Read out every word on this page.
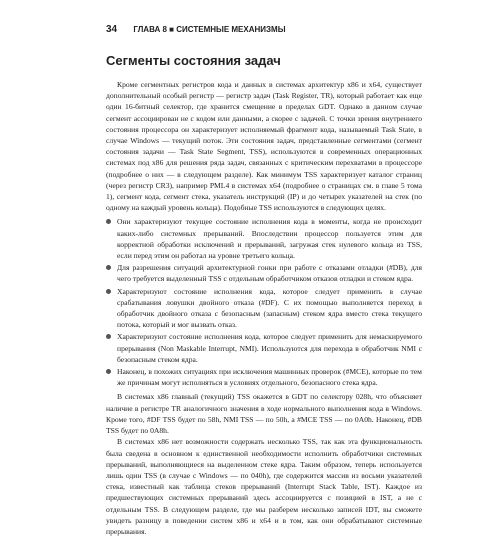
34 ГЛАВА 8 ■ СИСТЕМНЫЕ МЕХАНИЗМЫ
Сегменты состояния задач

Кроме сегментных регистров кода и данных в системах архитектур x86 и x64, существует дополнительный особый регистр — регистр задач (Task Register, TR), который работает как еще один 16-битный селектор, где хранится смещение в пределах GDT. Однако в данном случае сегмент ассоциирован не с кодом или данными, а скорее с задачей. С точки зрения внутреннего состояния процессора он характеризует исполняемый фрагмент кода, называемый Task State, в случае Windows — текущий поток. Эти состояния задач, представленные сегментами (сегмент состояния задачи — Task State Segment, TSS), используются в современных операционных системах под x86 для решения ряда задач, связанных с критическим перехватами в процессоре (подробнее о них — в следующем разделе). Как минимум TSS характеризует каталог страниц (через регистр CR3), например PML4 в системах x64 (подробнее о страницах см. в главе 5 тома 1), сегмент кода, сегмент стека, указатель инструкций (IP) и до четырех указателей на стек (по одному на каждый уровень кольца). Подобные TSS используются в следующих целях.

Они характеризуют текущее состояние исполнения кода в моменты, когда не происходит каких-либо системных прерываний. Впоследствии процессор пользуется этим для корректной обработки исключений и прерываний, загружая стек нулевого кольца из TSS, если перед этим он работал на уровне третьего кольца.
Для разрешения ситуаций архитектурной гонки при работе с отказами отладки (#DB), для чего требуется выделенный TSS с отдельным обработчиком отказов отладки и стеком ядра.
Характеризуют состояние исполнения кода, которое следует применить в случае срабатывания ловушки двойного отказа (#DF). С их помощью выполняется переход в обработчик двойного отказа с безопасным (запасным) стеком ядра вместо стека текущего потока, который и мог вызвать отказ.
Характеризуют состояние исполнения кода, которое следует применить для немаскируемого прерывания (Non Maskable Interrupt, NMI). Используются для перехода в обработчик NMI с безопасным стеком ядра.
Наконец, в похожих ситуациях при исключения машинных проверок (#MCE), которые по тем же причинам могут исполняться в условиях отдельного, безопасного стека ядра.

В системах x86 главный (текущий) TSS окажется в GDT по селектору 028h, что объясняет наличие в регистре TR аналогичного значения в ходе нормального выполнения кода в Windows. Кроме того, #DF TSS будет по 58h, NMI TSS — по 50h, а #MCE TSS — по 0A0h. Наконец, #DB TSS будет по 0A8h.

В системах x86 нет возможности содержать несколько TSS, так как эта функциональность была сведена в основном к единственной необходимости исполнить обработчики системных прерываний, выполняющиеся на выделенном стеке ядра. Таким образом, теперь используется лишь один TSS (в случае с Windows — по 040h), где содержится массив из восьми указателей стека, известный как таблица стеков прерываний (Interrupt Stack Table, IST). Каждое из предшествующих системных прерываний здесь ассоциируется с позицией в IST, а не с отдельным TSS. В следующем разделе, где мы разберем несколько записей IDT, вы сможете увидеть разницу в поведении систем x86 и x64 и в том, как они обрабатывают системные прерывания.
